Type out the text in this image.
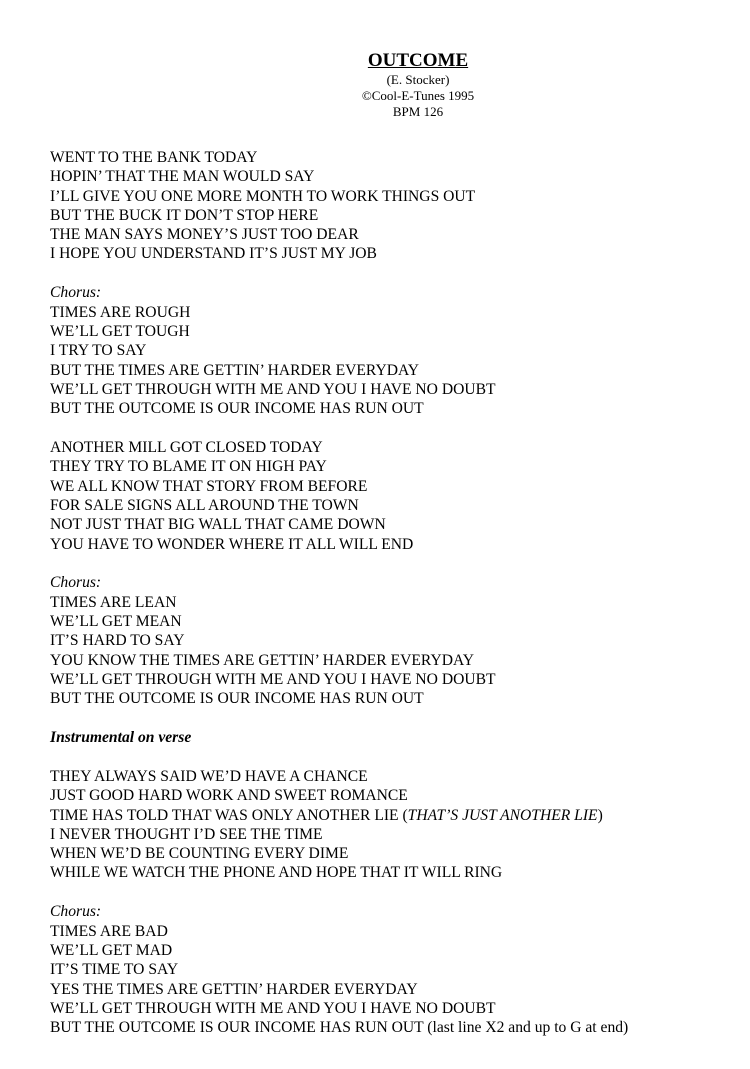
OUTCOME
(E. Stocker)
©Cool-E-Tunes 1995
BPM 126
WENT TO THE BANK TODAY
HOPIN’ THAT THE MAN WOULD SAY
I’LL GIVE YOU ONE MORE MONTH TO WORK THINGS OUT
BUT THE BUCK IT DON’T STOP HERE
THE MAN SAYS MONEY’S JUST TOO DEAR
I HOPE YOU UNDERSTAND IT’S JUST MY JOB
Chorus:
TIMES ARE ROUGH
WE’LL GET TOUGH
I TRY TO SAY
BUT THE TIMES ARE GETTIN’ HARDER EVERYDAY
WE’LL GET THROUGH WITH ME AND YOU I HAVE NO DOUBT
BUT THE OUTCOME IS OUR INCOME HAS RUN OUT
ANOTHER MILL GOT CLOSED TODAY
THEY TRY TO BLAME IT ON HIGH PAY
WE ALL KNOW THAT STORY FROM BEFORE
FOR SALE SIGNS ALL AROUND THE TOWN
NOT JUST THAT BIG WALL THAT CAME DOWN
YOU HAVE TO WONDER WHERE IT ALL WILL END
Chorus:
TIMES ARE LEAN
WE’LL GET MEAN
IT’S HARD TO SAY
YOU KNOW THE TIMES ARE GETTIN’ HARDER EVERYDAY
WE’LL GET THROUGH WITH ME AND YOU I HAVE NO DOUBT
BUT THE OUTCOME IS OUR INCOME HAS RUN OUT
Instrumental on verse
THEY ALWAYS SAID WE’D HAVE A CHANCE
JUST GOOD HARD WORK AND SWEET ROMANCE
TIME HAS TOLD THAT WAS ONLY ANOTHER LIE (THAT’S JUST ANOTHER LIE)
I NEVER THOUGHT I’D SEE THE TIME
WHEN WE’D BE COUNTING EVERY DIME
WHILE WE WATCH THE PHONE AND HOPE THAT IT WILL RING
Chorus:
TIMES ARE BAD
WE’LL GET MAD
IT’S TIME TO SAY
YES THE TIMES ARE GETTIN’ HARDER EVERYDAY
WE’LL GET THROUGH WITH ME AND YOU I HAVE NO DOUBT
BUT THE OUTCOME IS OUR INCOME HAS RUN OUT (last line X2 and up to G at end)
